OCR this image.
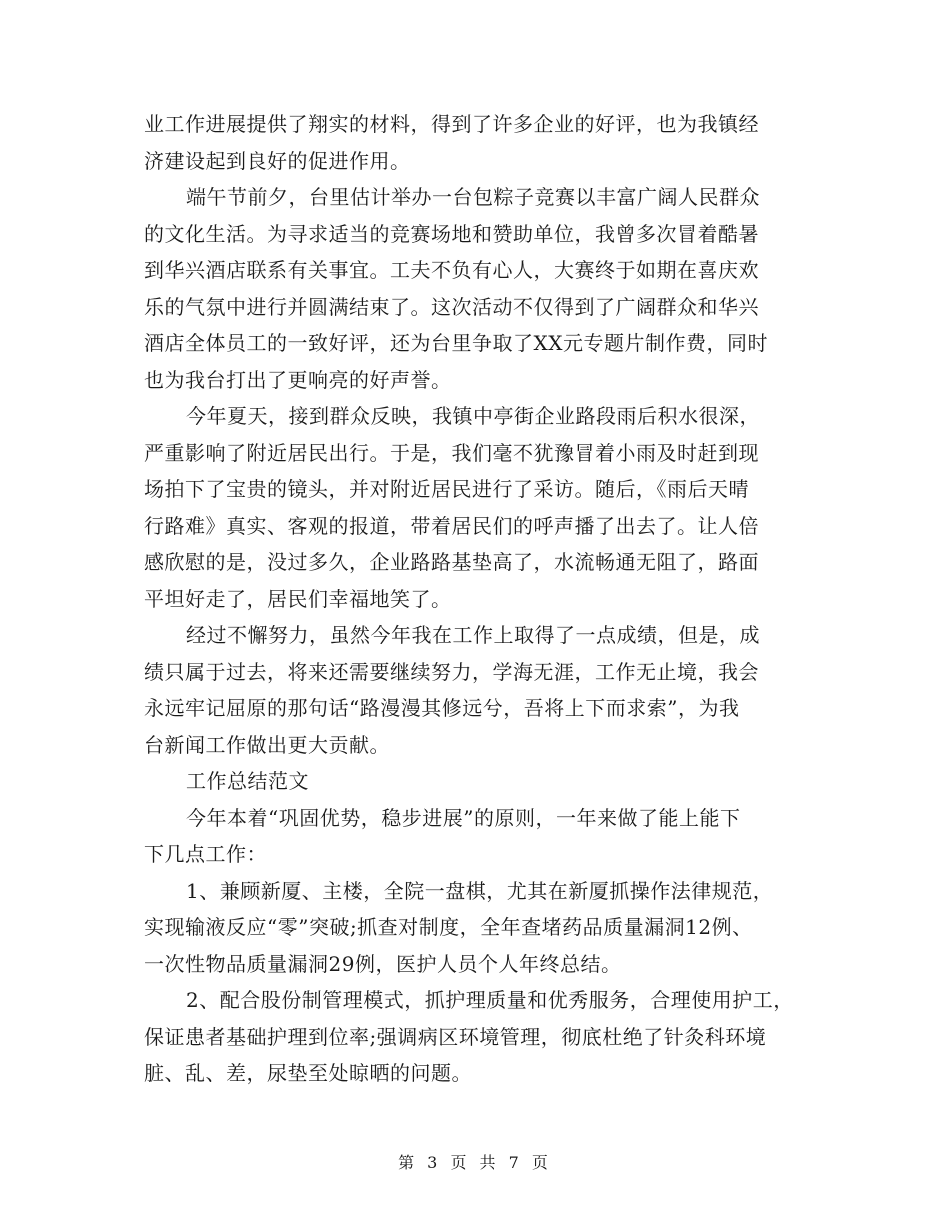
业工作进展提供了翔实的材料，得到了许多企业的好评，也为我镇经
济建设起到良好的促进作用。
端午节前夕，台里估计举办一台包粽子竞赛以丰富广阔人民群众
的文化生活。为寻求适当的竞赛场地和赞助单位，我曾多次冒着酷暑
到华兴酒店联系有关事宜。工夫不负有心人，大赛终于如期在喜庆欢
乐的气氛中进行并圆满结束了。这次活动不仅得到了广阔群众和华兴
酒店全体员工的一致好评，还为台里争取了XX元专题片制作费，同时
也为我台打出了更响亮的好声誉。
今年夏天，接到群众反映，我镇中亭街企业路段雨后积水很深，
严重影响了附近居民出行。于是，我们毫不犹豫冒着小雨及时赶到现
场拍下了宝贵的镜头，并对附近居民进行了采访。随后，《雨后天晴
行路难》真实、客观的报道，带着居民们的呼声播了出去了。让人倍
感欣慰的是，没过多久，企业路路基垫高了，水流畅通无阻了，路面
平坦好走了，居民们幸福地笑了。
经过不懈努力，虽然今年我在工作上取得了一点成绩，但是，成
绩只属于过去，将来还需要继续努力，学海无涯，工作无止境，我会
永远牢记屈原的那句话“路漫漫其修远兮，吾将上下而求索”，为我
台新闻工作做出更大贡献。
工作总结范文
今年本着“巩固优势，稳步进展”的原则，一年来做了能上能下
下几点工作：
1、兼顾新厦、主楼，全院一盘棋，尤其在新厦抓操作法律规范，
实现输液反应“零”突破;抓查对制度，全年查堵药品质量漏洞12例、
一次性物品质量漏洞29例，医护人员个人年终总结。
2、配合股份制管理模式，抓护理质量和优秀服务，合理使用护工，
保证患者基础护理到位率;强调病区环境管理，彻底杜绝了针灸科环境
脏、乱、差，尿垫至处晾晒的问题。
第 3 页 共 7 页
